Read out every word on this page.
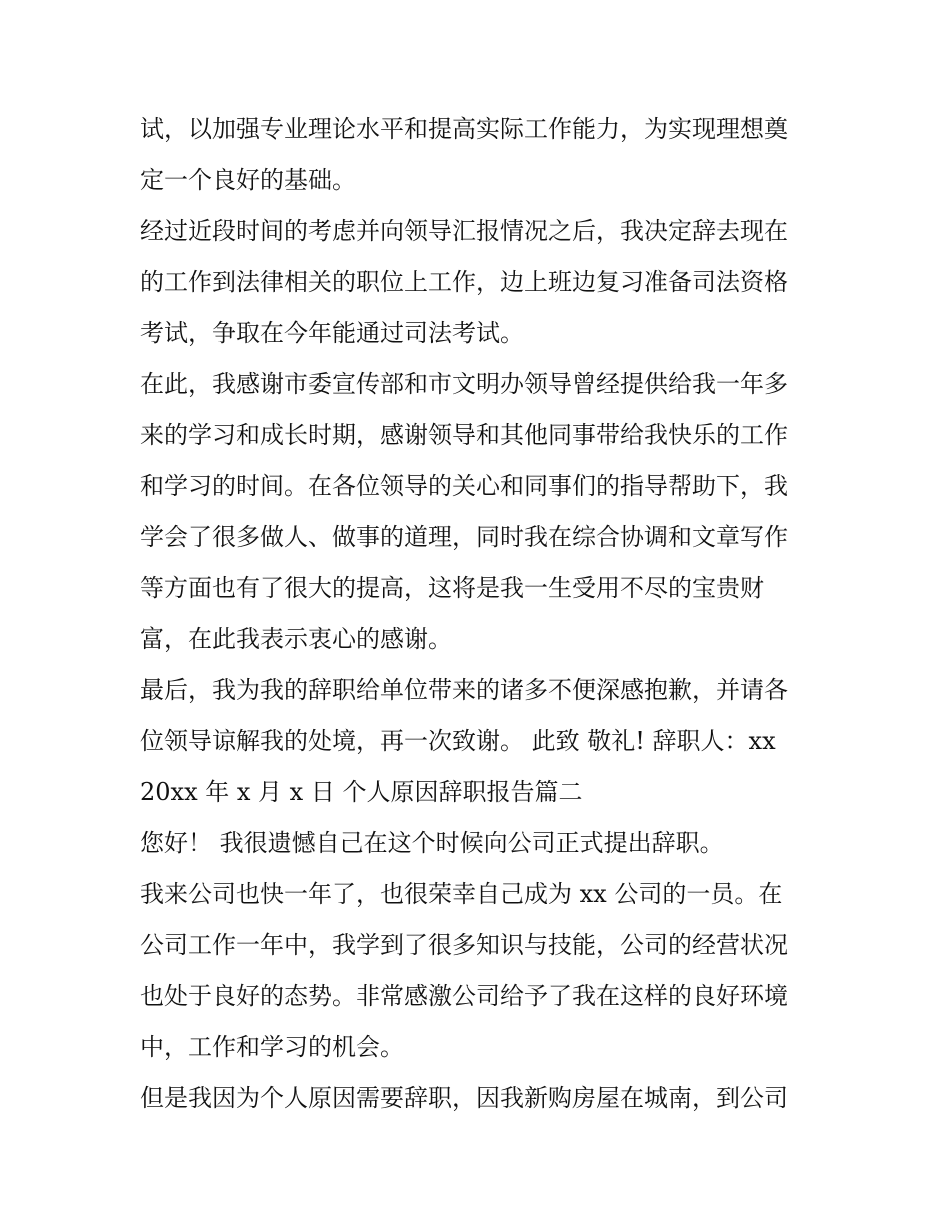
试，以加强专业理论水平和提高实际工作能力，为实现理想奠
定一个良好的基础。
经过近段时间的考虑并向领导汇报情况之后，我决定辞去现在
的工作到法律相关的职位上工作，边上班边复习准备司法资格
考试，争取在今年能通过司法考试。
在此，我感谢市委宣传部和市文明办领导曾经提供给我一年多
来的学习和成长时期，感谢领导和其他同事带给我快乐的工作
和学习的时间。在各位领导的关心和同事们的指导帮助下，我
学会了很多做人、做事的道理，同时我在综合协调和文章写作
等方面也有了很大的提高，这将是我一生受用不尽的宝贵财
富，在此我表示衷心的感谢。
最后，我为我的辞职给单位带来的诸多不便深感抱歉，并请各
位领导谅解我的处境，再一次致谢。 此致 敬礼! 辞职人：xx
20xx 年 x 月 x 日 个人原因辞职报告篇二
您好！ 我很遗憾自己在这个时候向公司正式提出辞职。
我来公司也快一年了，也很荣幸自己成为 xx 公司的一员。在
公司工作一年中，我学到了很多知识与技能，公司的经营状况
也处于良好的态势。非常感激公司给予了我在这样的良好环境
中，工作和学习的机会。
但是我因为个人原因需要辞职，因我新购房屋在城南，到公司
